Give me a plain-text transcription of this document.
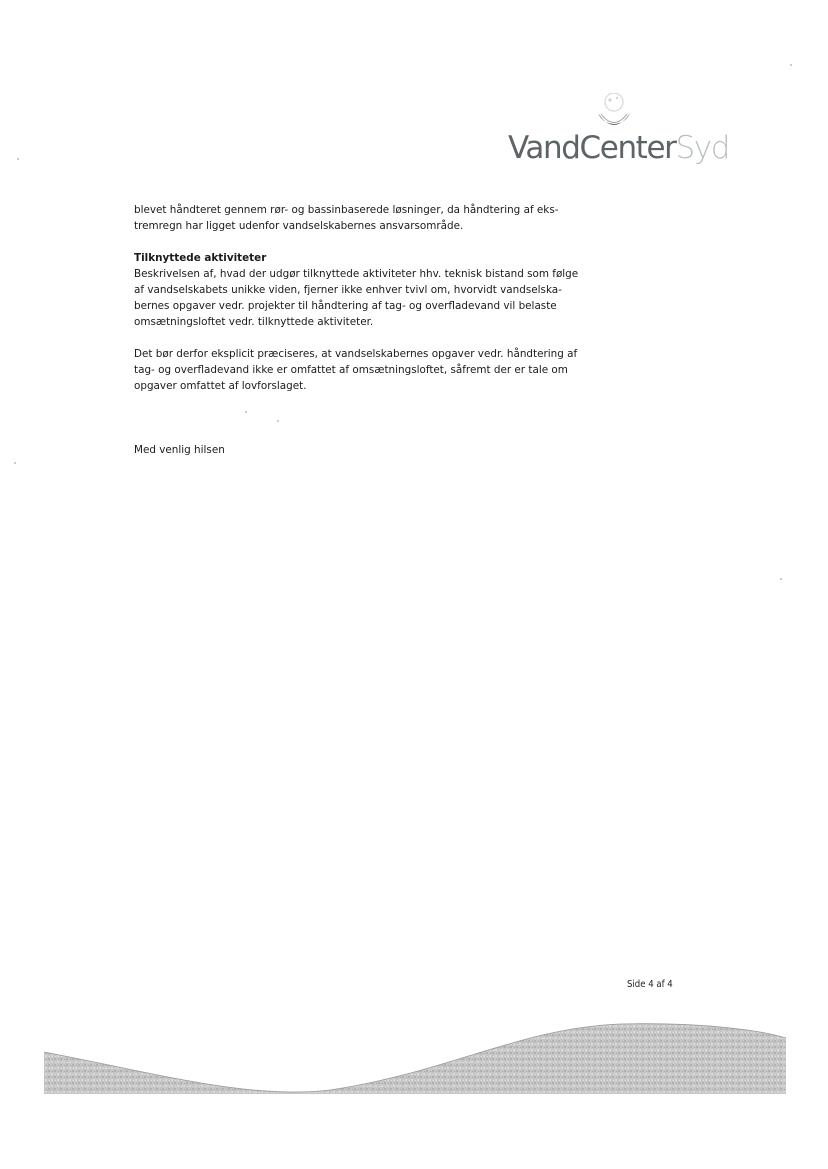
VandCenterSyd
blevet håndteret gennem rør- og bassinbaserede løsninger, da håndtering af eks-
tremregn har ligget udenfor vandselskabernes ansvarsområde.
Tilknyttede aktiviteter
Beskrivelsen af, hvad der udgør tilknyttede aktiviteter hhv. teknisk bistand som følge
af vandselskabets unikke viden, fjerner ikke enhver tvivl om, hvorvidt vandselska-
bernes opgaver vedr. projekter til håndtering af tag- og overfladevand vil belaste
omsætningsloftet vedr. tilknyttede aktiviteter.
Det bør derfor eksplicit præciseres, at vandselskabernes opgaver vedr. håndtering af
tag- og overfladevand ikke er omfattet af omsætningsloftet, såfremt der er tale om
opgaver omfattet af lovforslaget.
Med venlig hilsen
Side 4 af 4
